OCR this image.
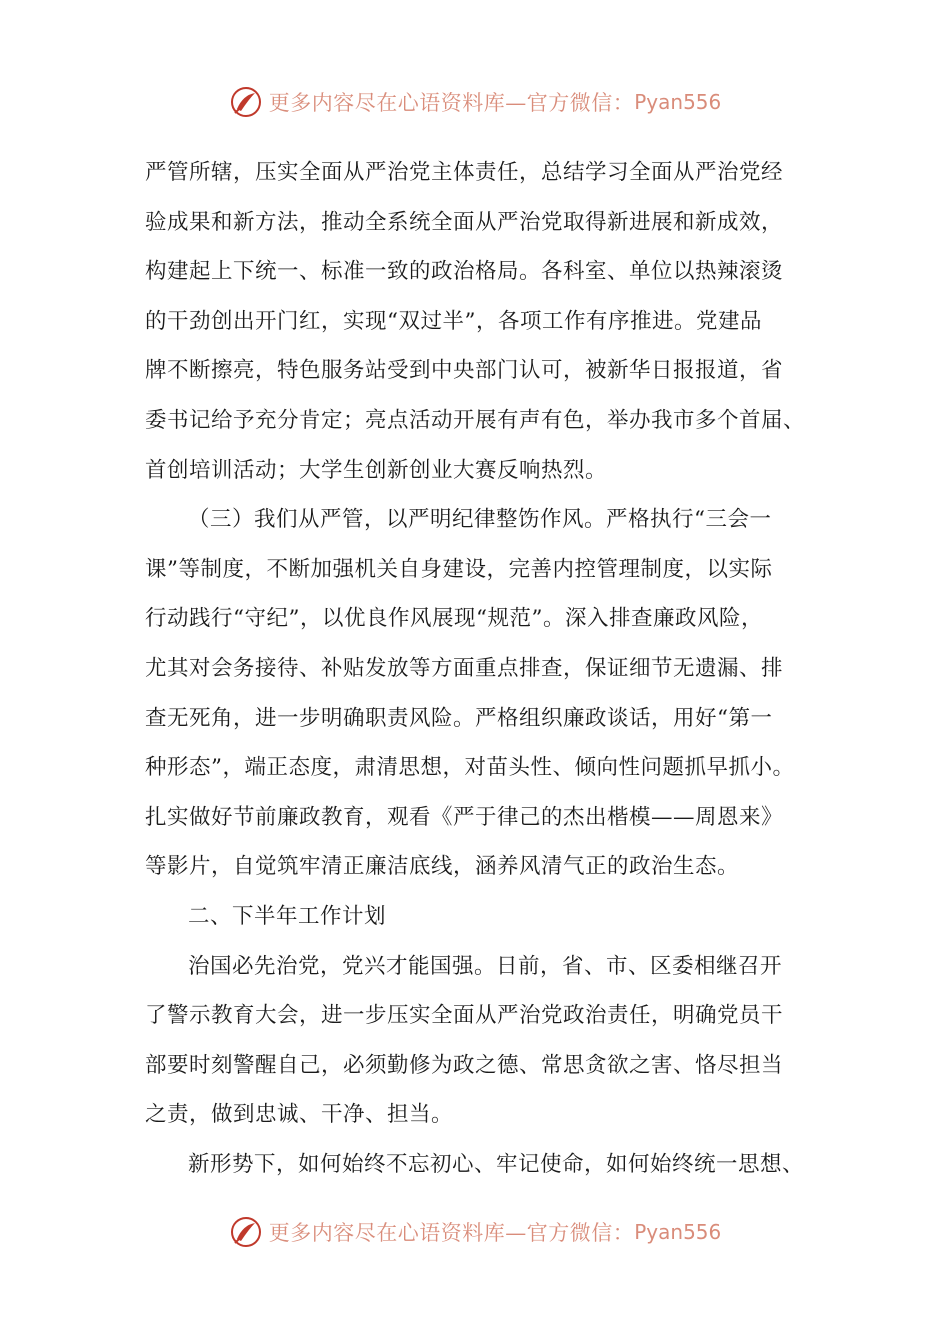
更多内容尽在心语资料库—官方微信： Pyan556
严管所辖，压实全面从严治党主体责任，总结学习全面从严治党经
验成果和新方法，推动全系统全面从严治党取得新进展和新成效，
构建起上下统一、标准一致的政治格局。各科室、单位以热辣滚烫
的干劲创出开门红，实现“双过半”，各项工作有序推进。党建品
牌不断擦亮，特色服务站受到中央部门认可，被新华日报报道，省
委书记给予充分肯定；亮点活动开展有声有色，举办我市多个首届、
首创培训活动；大学生创新创业大赛反响热烈。
（三）我们从严管，以严明纪律整饬作风。严格执行“三会一
课”等制度，不断加强机关自身建设，完善内控管理制度，以实际
行动践行“守纪”，以优良作风展现“规范”。深入排查廉政风险，
尤其对会务接待、补贴发放等方面重点排查，保证细节无遗漏、排
查无死角，进一步明确职责风险。严格组织廉政谈话，用好“第一
种形态”，端正态度，肃清思想，对苗头性、倾向性问题抓早抓小。
扎实做好节前廉政教育，观看《严于律己的杰出楷模——周恩来》
等影片，自觉筑牢清正廉洁底线，涵养风清气正的政治生态。
二、下半年工作计划
治国必先治党，党兴才能国强。日前，省、市、区委相继召开
了警示教育大会，进一步压实全面从严治党政治责任，明确党员干
部要时刻警醒自己，必须勤修为政之德、常思贪欲之害、恪尽担当
之责，做到忠诚、干净、担当。
新形势下，如何始终不忘初心、牢记使命，如何始终统一思想、
更多内容尽在心语资料库—官方微信： Pyan556
